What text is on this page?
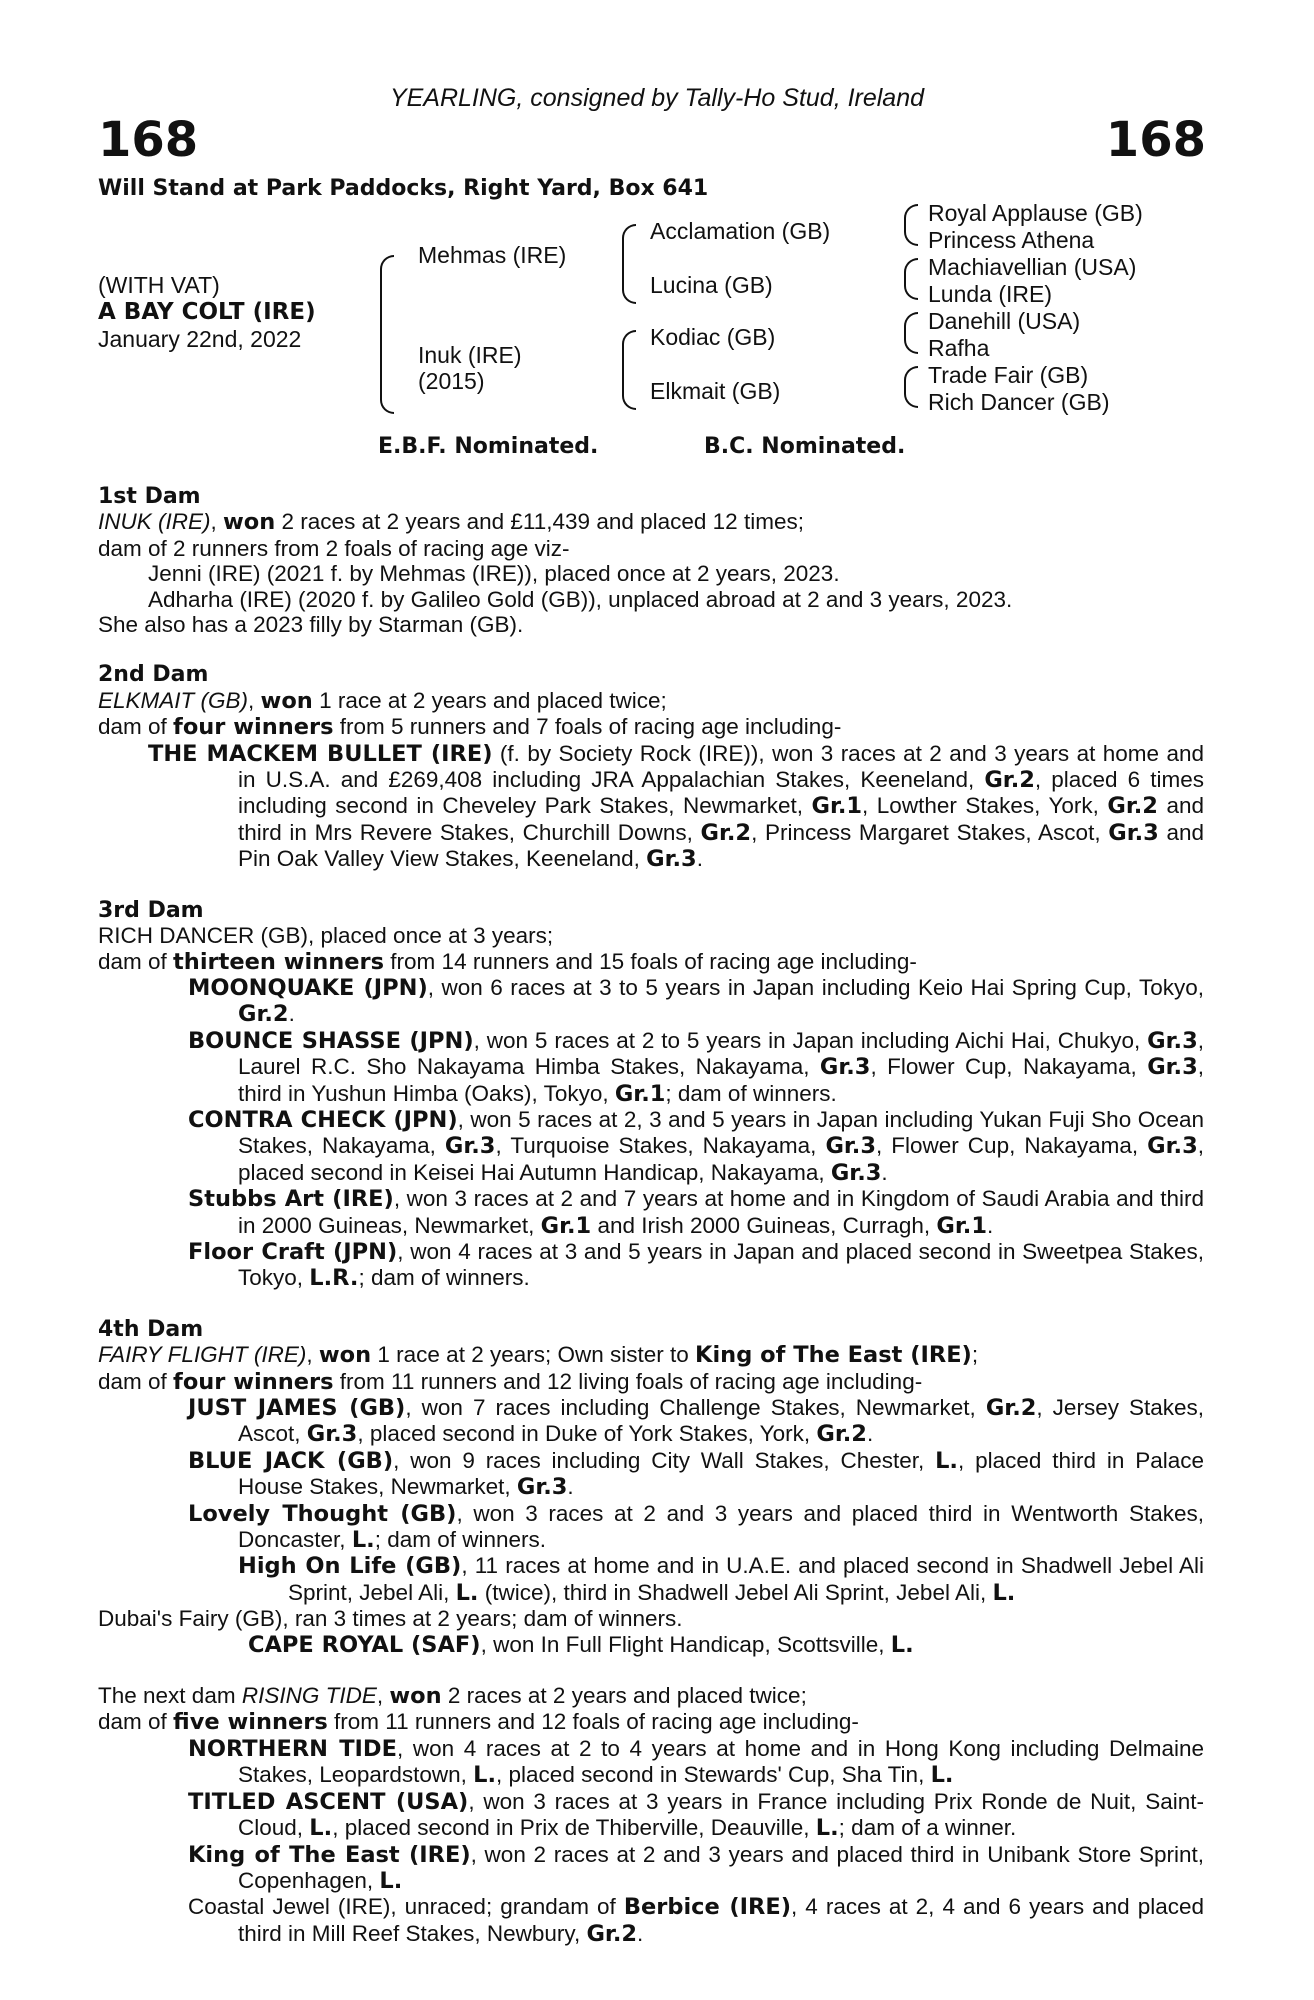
YEARLING, consigned by Tally-Ho Stud, Ireland
168	168
Will Stand at Park Paddocks, Right Yard, Box 641
(WITH VAT)
A BAY COLT (IRE)
January 22nd, 2022
Mehmas (IRE)
Inuk (IRE)
(2015)
Acclamation (GB)
Lucina (GB)
Kodiac (GB)
Elkmait (GB)
Royal Applause (GB)
Princess Athena
Machiavellian (USA)
Lunda (IRE)
Danehill (USA)
Rafha
Trade Fair (GB)
Rich Dancer (GB)
E.B.F. Nominated.	B.C. Nominated.
1st Dam
INUK (IRE), won 2 races at 2 years and £11,439 and placed 12 times;
dam of 2 runners from 2 foals of racing age viz-
Jenni (IRE) (2021 f. by Mehmas (IRE)), placed once at 2 years, 2023.
Adharha (IRE) (2020 f. by Galileo Gold (GB)), unplaced abroad at 2 and 3 years, 2023.
She also has a 2023 filly by Starman (GB).
2nd Dam
ELKMAIT (GB), won 1 race at 2 years and placed twice;
dam of four winners from 5 runners and 7 foals of racing age including-
THE MACKEM BULLET (IRE) (f. by Society Rock (IRE)), won 3 races at 2 and 3 years at home and in U.S.A. and £269,408 including JRA Appalachian Stakes, Keeneland, Gr.2, placed 6 times including second in Cheveley Park Stakes, Newmarket, Gr.1, Lowther Stakes, York, Gr.2 and third in Mrs Revere Stakes, Churchill Downs, Gr.2, Princess Margaret Stakes, Ascot, Gr.3 and Pin Oak Valley View Stakes, Keeneland, Gr.3.
3rd Dam
RICH DANCER (GB), placed once at 3 years;
dam of thirteen winners from 14 runners and 15 foals of racing age including-
MOONQUAKE (JPN), won 6 races at 3 to 5 years in Japan including Keio Hai Spring Cup, Tokyo, Gr.2.
BOUNCE SHASSE (JPN), won 5 races at 2 to 5 years in Japan including Aichi Hai, Chukyo, Gr.3, Laurel R.C. Sho Nakayama Himba Stakes, Nakayama, Gr.3, Flower Cup, Nakayama, Gr.3, third in Yushun Himba (Oaks), Tokyo, Gr.1; dam of winners.
CONTRA CHECK (JPN), won 5 races at 2, 3 and 5 years in Japan including Yukan Fuji Sho Ocean Stakes, Nakayama, Gr.3, Turquoise Stakes, Nakayama, Gr.3, Flower Cup, Nakayama, Gr.3, placed second in Keisei Hai Autumn Handicap, Nakayama, Gr.3.
Stubbs Art (IRE), won 3 races at 2 and 7 years at home and in Kingdom of Saudi Arabia and third in 2000 Guineas, Newmarket, Gr.1 and Irish 2000 Guineas, Curragh, Gr.1.
Floor Craft (JPN), won 4 races at 3 and 5 years in Japan and placed second in Sweetpea Stakes, Tokyo, L.R.; dam of winners.
4th Dam
FAIRY FLIGHT (IRE), won 1 race at 2 years; Own sister to King of The East (IRE);
dam of four winners from 11 runners and 12 living foals of racing age including-
JUST JAMES (GB), won 7 races including Challenge Stakes, Newmarket, Gr.2, Jersey Stakes, Ascot, Gr.3, placed second in Duke of York Stakes, York, Gr.2.
BLUE JACK (GB), won 9 races including City Wall Stakes, Chester, L., placed third in Palace House Stakes, Newmarket, Gr.3.
Lovely Thought (GB), won 3 races at 2 and 3 years and placed third in Wentworth Stakes, Doncaster, L.; dam of winners.
High On Life (GB), 11 races at home and in U.A.E. and placed second in Shadwell Jebel Ali Sprint, Jebel Ali, L. (twice), third in Shadwell Jebel Ali Sprint, Jebel Ali, L.
Dubai's Fairy (GB), ran 3 times at 2 years; dam of winners.
CAPE ROYAL (SAF), won In Full Flight Handicap, Scottsville, L.
The next dam RISING TIDE, won 2 races at 2 years and placed twice;
dam of five winners from 11 runners and 12 foals of racing age including-
NORTHERN TIDE, won 4 races at 2 to 4 years at home and in Hong Kong including Delmaine Stakes, Leopardstown, L., placed second in Stewards' Cup, Sha Tin, L.
TITLED ASCENT (USA), won 3 races at 3 years in France including Prix Ronde de Nuit, Saint-Cloud, L., placed second in Prix de Thiberville, Deauville, L.; dam of a winner.
King of The East (IRE), won 2 races at 2 and 3 years and placed third in Unibank Store Sprint, Copenhagen, L.
Coastal Jewel (IRE), unraced; grandam of Berbice (IRE), 4 races at 2, 4 and 6 years and placed third in Mill Reef Stakes, Newbury, Gr.2.
